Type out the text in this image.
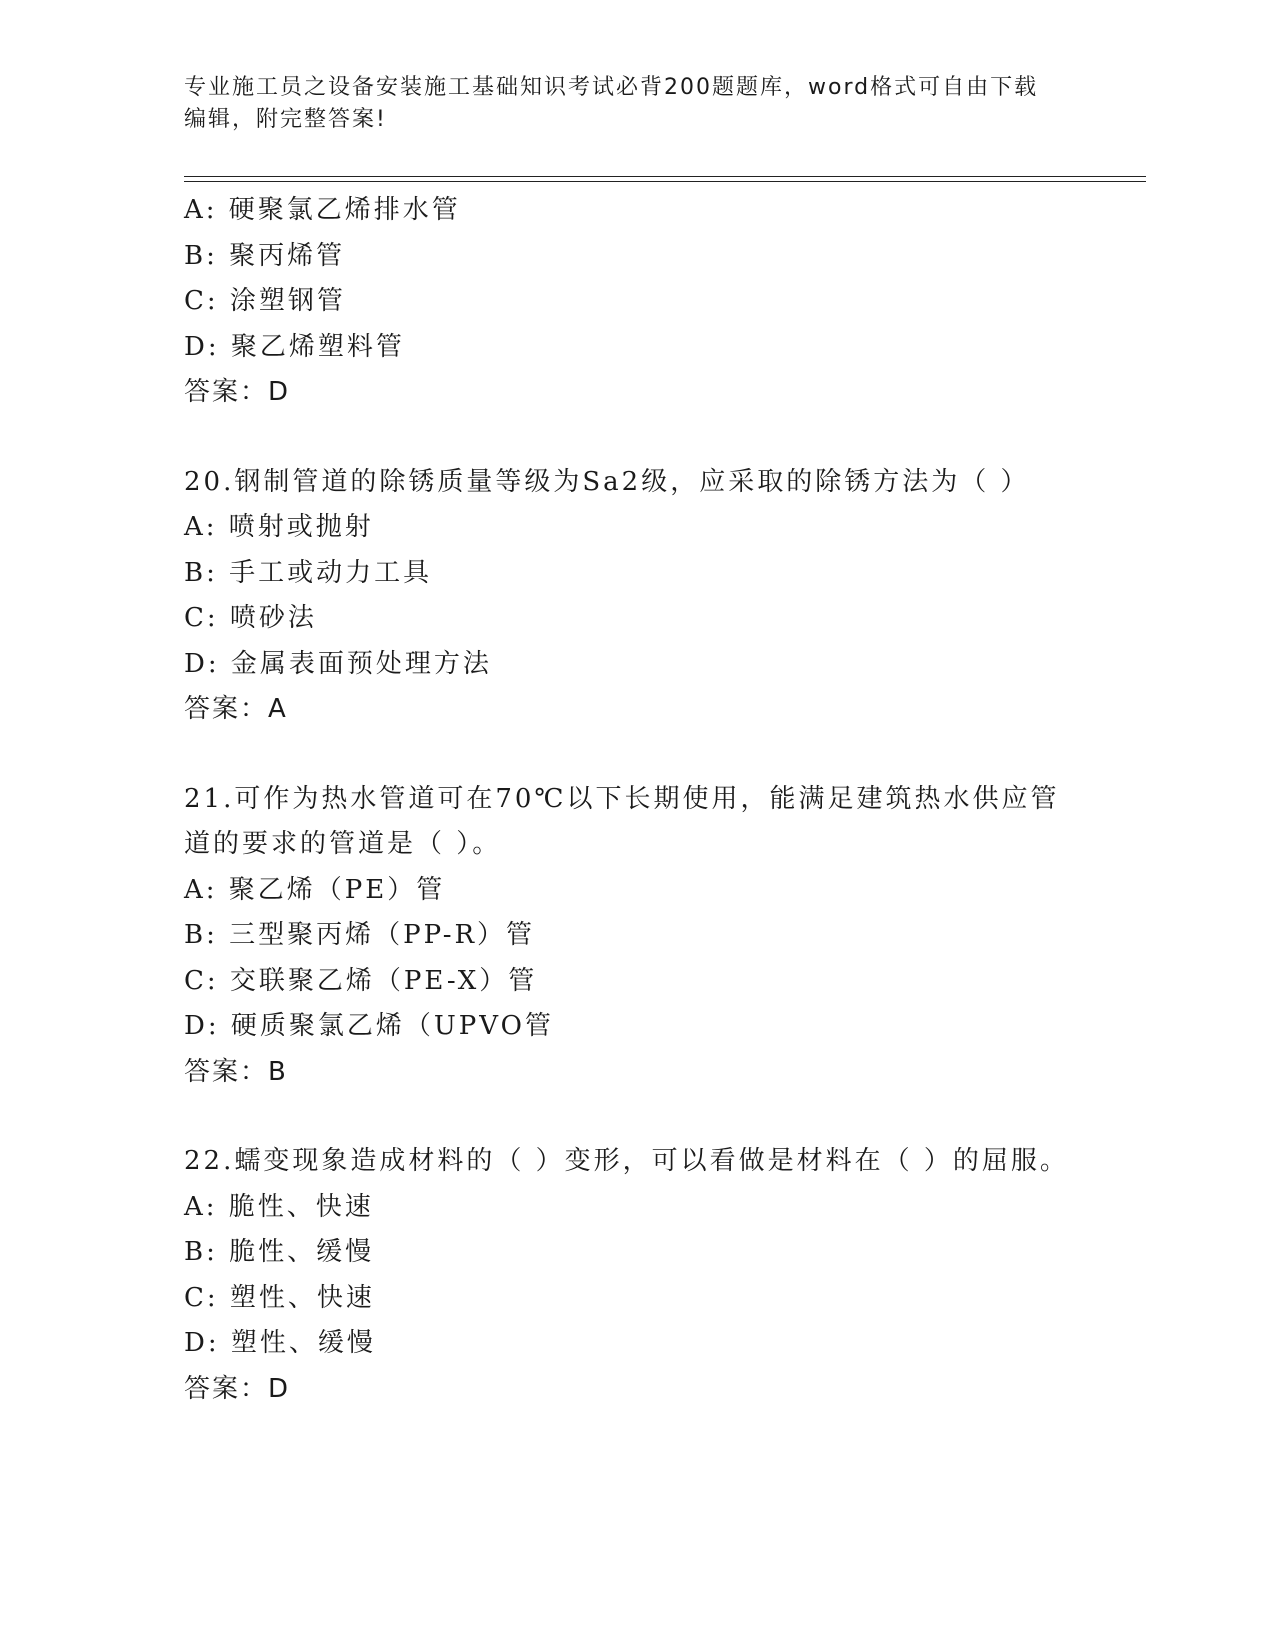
专业施工员之设备安装施工基础知识考试必背200题题库，word格式可自由下载
编辑，附完整答案!
A: 硬聚氯乙烯排水管
B: 聚丙烯管
C: 涂塑钢管
D: 聚乙烯塑料管
答案：D
20.钢制管道的除锈质量等级为Sa2级，应采取的除锈方法为（ ）
A: 喷射或抛射
B: 手工或动力工具
C: 喷砂法
D: 金属表面预处理方法
答案：A
21.可作为热水管道可在70℃以下长期使用，能满足建筑热水供应管道的要求的管道是（ ）。
A: 聚乙烯（PE）管
B: 三型聚丙烯（PP-R）管
C: 交联聚乙烯（PE-X）管
D: 硬质聚氯乙烯（UPVO管
答案：B
22.蠕变现象造成材料的（ ）变形，可以看做是材料在（ ）的屈服。
A: 脆性、快速
B: 脆性、缓慢
C: 塑性、快速
D: 塑性、缓慢
答案：D
